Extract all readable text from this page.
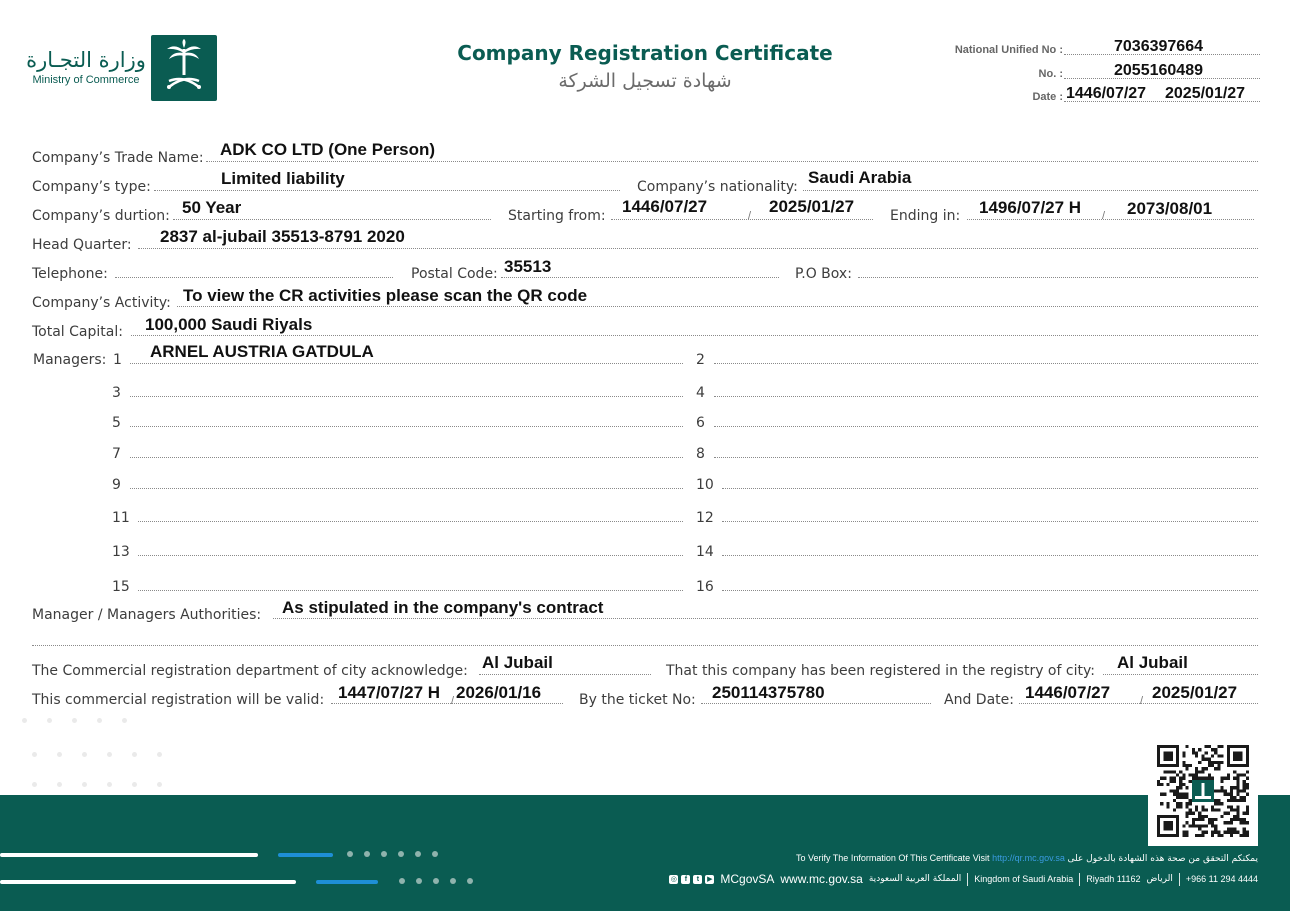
وزارة التجـارة
Ministry of Commerce
Company Registration Certificate
شهادة تسجيل الشركة
National Unified No :	7036397664
No. :	2055160489
Date : 1446/07/27 2025/01/27
Company’s Trade Name: ADK CO LTD (One Person)
Company’s type:	Limited liability	Company’s nationality: Saudi Arabia
Company’s durtion: 50 Year	Starting from: 1446/07/27	/ 2025/01/27	Ending in: 1496/07/27 H / 2073/08/01
Head Quarter: 2837 al-jubail 35513-8791 2020
Telephone:	Postal Code: 35513	P.O Box:
Company’s Activity: To view the CR activities please scan the QR code
Total Capital: 100,000 Saudi Riyals
Managers: 1 ARNEL AUSTRIA GATDULA	2
3	4
5	6
7	8
9	10
11	12
13	14
15	16
Manager / Managers Authorities: As stipulated in the company's contract
The Commercial registration department of city acknowledge: Al Jubail	That this company has been registered in the registry of city: Al Jubail
This commercial registration will be valid: 1447/07/27 H / 2026/01/16	By the ticket No: 250114375780	And Date: 1446/07/27	/ 2025/01/27
To Verify The Information Of This Certificate Visit http://qr.mc.gov.sa يمكنكم التحقق من صحة هذه الشهادة بالدخول على
◎	f	t	▶ MCgovSA www.mc.gov.sa المملكة العربية السعودية Kingdom of Saudi Arabia Riyadh 11162 الرياض +966 11 294 4444
